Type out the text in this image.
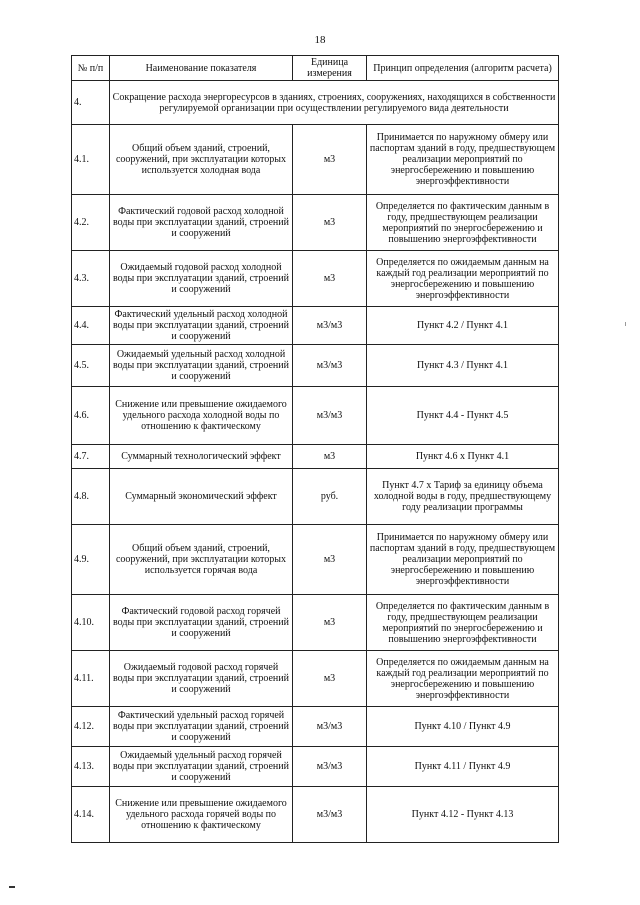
18
№ п/п	Наименование показателя	Единица измерения	Принцип определения (алгоритм расчета)
4.	Сокращение расхода энергоресурсов в зданиях, строениях, сооружениях, находящихся в собственности регулируемой организации при осуществлении регулируемого вида деятельности		
4.1.	Общий объем зданий, строений, сооружений, при эксплуатации которых используется холодная вода	м3	Принимается по наружному обмеру или паспортам зданий в году, предшествующем реализации мероприятий по энергосбережению и повышению энергоэффективности
4.2.	Фактический годовой расход холодной воды при эксплуатации зданий, строений и сооружений	м3	Определяется по фактическим данным в году, предшествующем реализации мероприятий по энергосбережению и повышению энергоэффективности
4.3.	Ожидаемый годовой расход холодной воды при эксплуатации зданий, строений и сооружений	м3	Определяется по ожидаемым данным на каждый год реализации мероприятий по энергосбережению и повышению энергоэффективности
4.4.	Фактический удельный расход холодной воды при эксплуатации зданий, строений и сооружений	м3/м3	Пункт 4.2 / Пункт 4.1
4.5.	Ожидаемый удельный расход холодной воды при эксплуатации зданий, строений и сооружений	м3/м3	Пункт 4.3 / Пункт 4.1
4.6.	Снижение или превышение ожидаемого удельного расхода холодной воды по отношению к фактическому	м3/м3	Пункт 4.4 - Пункт 4.5
4.7.	Суммарный технологический эффект	м3	Пункт 4.6 х Пункт 4.1
4.8.	Суммарный экономический эффект	руб.	Пункт 4.7 х Тариф за единицу объема холодной воды в году, предшествующему году реализации программы
4.9.	Общий объем зданий, строений, сооружений, при эксплуатации которых используется горячая вода	м3	Принимается по наружному обмеру или паспортам зданий в году, предшествующем реализации мероприятий по энергосбережению и повышению энергоэффективности
4.10.	Фактический годовой расход горячей воды при эксплуатации зданий, строений и сооружений	м3	Определяется по фактическим данным в году, предшествующем реализации мероприятий по энергосбережению и повышению энергоэффективности
4.11.	Ожидаемый годовой расход горячей воды при эксплуатации зданий, строений и сооружений	м3	Определяется по ожидаемым данным на каждый год реализации мероприятий по энергосбережению и повышению энергоэффективности
4.12.	Фактический удельный расход горячей воды при эксплуатации зданий, строений и сооружений	м3/м3	Пункт 4.10 / Пункт 4.9
4.13.	Ожидаемый удельный расход горячей воды при эксплуатации зданий, строений и сооружений	м3/м3	Пункт 4.11 / Пункт 4.9
4.14.	Снижение или превышение ожидаемого удельного расхода горячей воды по отношению к фактическому	м3/м3	Пункт 4.12 - Пункт 4.13
